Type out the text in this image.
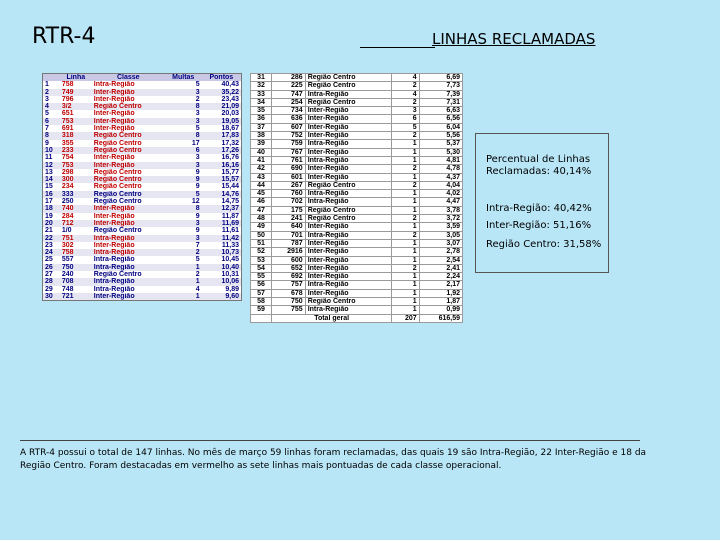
RTR-4	LINHAS RECLAMADAS
	Linha	Classe	Multas	Pontos
1	758	Intra-Região	5	40,43
2	749	Inter-Região	3	35,22
3	796	Inter-Região	2	23,43
4	3/2	Região Centro	8	21,09
5	651	Inter-Região	3	20,03
6	753	Inter-Região	3	19,05
7	691	Inter-Região	5	18,67
8	318	Região Centro	8	17,83
9	355	Região Centro	17	17,32
10	233	Região Centro	6	17,26
11	754	Inter-Região	3	16,76
12	753	Inter-Região	3	16,16
13	298	Região Centro	9	15,77
14	300	Região Centro	9	15,57
15	234	Região Centro	9	15,44
16	333	Região Centro	5	14,76
17	250	Região Centro	12	14,75
18	740	Inter-Região	8	12,37
19	284	Inter-Região	9	11,87
20	712	Inter-Região	3	11,69
21	1/0	Região Centro	9	11,61
22	751	Intra-Região	3	11,42
23	302	Inter-Região	7	11,33
24	758	Intra-Região	2	10,73
25	557	Intra-Região	5	10,45
26	750	Intra-Região	1	10,40
27	240	Região Centro	2	10,31
28	708	Intra-Região	1	10,06
29	748	Intra-Região	4	9,89
30	721	Inter-Região	1	9,60
31	286	Região Centro	4	6,69
32	225	Região Centro	2	7,73
33	747	Intra-Região	4	7,39
34	254	Região Centro	2	7,31
35	734	Inter-Região	3	6,63
36	636	Inter-Região	6	6,56
37	607	Inter-Região	5	6,04
38	752	Inter-Região	2	5,56
39	759	Intra-Região	1	5,37
40	767	Inter-Região	1	5,30
41	761	Intra-Região	1	4,81
42	690	Inter-Região	2	4,78
43	601	Inter-Região	1	4,37
44	267	Região Centro	2	4,04
45	760	Intra-Região	1	4,02
46	702	Intra-Região	1	4,47
47	175	Região Centro	1	3,78
48	241	Região Centro	2	3,72
49	640	Inter-Região	1	3,59
50	701	Intra-Região	2	3,05
51	787	Inter-Região	1	3,07
52	2916	Inter-Região	1	2,78
53	600	Inter-Região	1	2,54
54	652	Inter-Região	2	2,41
55	692	Inter-Região	1	2,24
56	757	Intra-Região	1	2,17
57	678	Inter-Região	1	1,92
58	750	Região Centro	1	1,87
59	755	Intra-Região	1	0,99
	Total geral		207	616,59
Percentual de Linhas Reclamadas: 40,14%
Intra-Região: 40,42%
Inter-Região: 51,16%
Região Centro: 31,58%
A RTR-4 possui o total de 147 linhas. No mês de março 59 linhas foram reclamadas, das quais 19 são Intra-Região, 22 Inter-Região e 18 da Região Centro. Foram destacadas em vermelho as sete linhas mais pontuadas de cada classe operacional.
